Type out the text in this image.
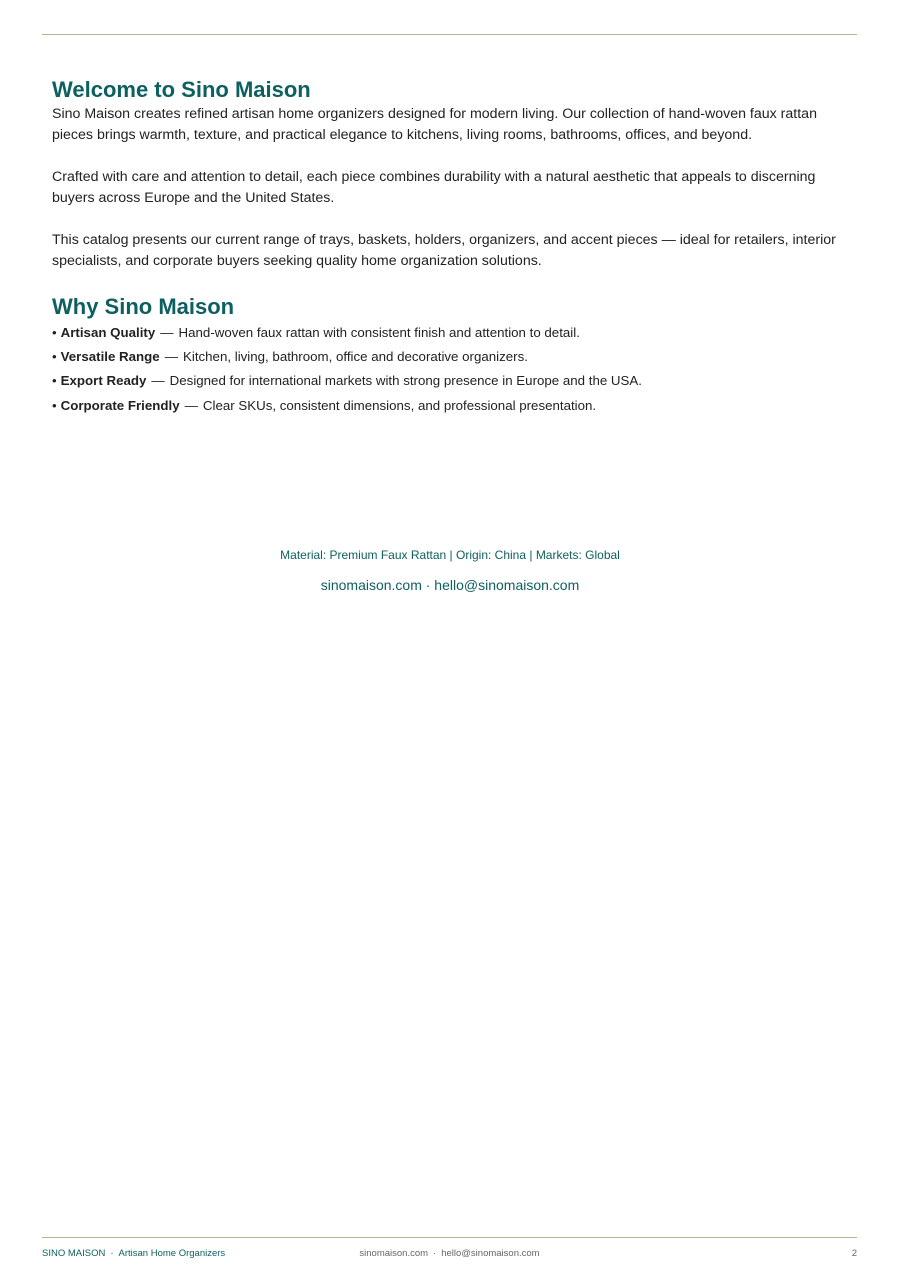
Welcome to Sino Maison

Sino Maison creates refined artisan home organizers designed for modern living. Our collection of hand-woven faux rattan pieces brings warmth, texture, and practical elegance to kitchens, living rooms, bathrooms, offices, and beyond.

Crafted with care and attention to detail, each piece combines durability with a natural aesthetic that appeals to discerning buyers across Europe and the United States.

This catalog presents our current range of trays, baskets, holders, organizers, and accent pieces — ideal for retailers, interior specialists, and corporate buyers seeking quality home organization solutions.

Why Sino Maison
• Artisan Quality — Hand-woven faux rattan with consistent finish and attention to detail.
• Versatile Range — Kitchen, living, bathroom, office and decorative organizers.
• Export Ready — Designed for international markets with strong presence in Europe and the USA.
• Corporate Friendly — Clear SKUs, consistent dimensions, and professional presentation.
Material: Premium Faux Rattan | Origin: China | Markets: Global
sinomaison.com · hello@sinomaison.com
SINO MAISON · Artisan Home Organizers	sinomaison.com · hello@sinomaison.com	2
